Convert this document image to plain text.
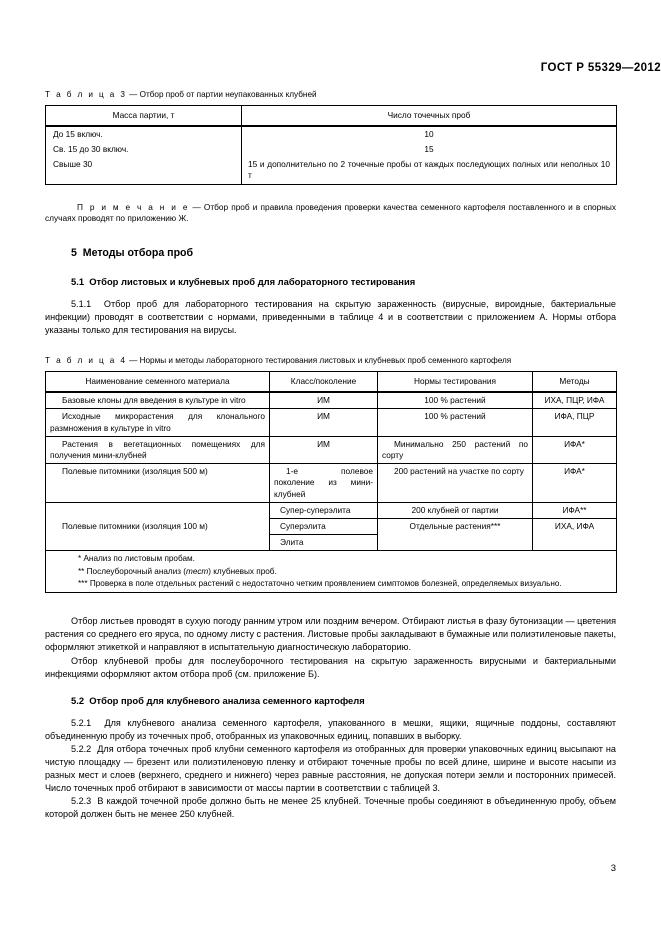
ГОСТ Р 55329—2012
Т а б л и ц а 3 — Отбор проб от партии неупакованных клубней
Масса партии, т	Число точечных проб
До 15 включ.	10
Св. 15 до 30 включ.	15
Свыше 30	15 и дополнительно по 2 точечные пробы от каждых последующих полных или неполных 10 т

П р и м е ч а н и е — Отбор проб и правила проведения проверки качества семенного картофеля поставленного и в спорных случаях проводят по приложению Ж.

5 Методы отбора проб
5.1 Отбор листовых и клубневых проб для лабораторного тестирования

5.1.1 Отбор проб для лабораторного тестирования на скрытую зараженность (вирусные, вироидные, бактериальные инфекции) проводят в соответствии с нормами, приведенными в таблице 4 и в соответствии с приложением А. Нормы отбора указаны только для тестирования на вирусы.

Т а б л и ц а 4 — Нормы и методы лабораторного тестирования листовых и клубневых проб семенного картофеля
Наименование семенного материала	Класс/поколение	Нормы тестирования	Методы
Базовые клоны для введения в культуре in vitro	ИМ	100 % растений	ИХА, ПЦР, ИФА
Исходные микрорастения для клонального размножения в культуре in vitro	ИМ	100 % растений	ИФА, ПЦР
Растения в вегетационных помещениях для получения мини-клубней	ИМ	Минимально 250 растений по сорту	ИФА*
Полевые питомники (изоляция 500 м)	1-е полевое поколение из мини-клубней	200 растений на участке по сорту	ИФА*
Полевые питомники (изоляция 100 м)	Супер-суперэлита	200 клубней от партии	ИФА**
	Суперэлита	Отдельные растения***	ИХА, ИФА
	Элита		

* Анализ по листовым пробам.

** Послеуборочный анализ (тест) клубневых проб.

*** Проверка в поле отдельных растений с недостаточно четким проявлением симптомов болезней, определяемых визуально.			

Отбор листьев проводят в сухую погоду ранним утром или поздним вечером. Отбирают листья в фазу бутонизации — цветения растения со среднего его яруса, по одному листу с растения. Листовые пробы закладывают в бумажные или полиэтиленовые пакеты, оформляют этикеткой и направляют в испытательную диагностическую лабораторию.

Отбор клубневой пробы для послеуборочного тестирования на скрытую зараженность вирусными и бактериальными инфекциями оформляют актом отбора проб (см. приложение Б).

5.2 Отбор проб для клубневого анализа семенного картофеля

5.2.1 Для клубневого анализа семенного картофеля, упакованного в мешки, ящики, ящичные поддоны, составляют объединенную пробу из точечных проб, отобранных из упаковочных единиц, попавших в выборку.

5.2.2 Для отбора точечных проб клубни семенного картофеля из отобранных для проверки упаковочных единиц высыпают на чистую площадку — брезент или полиэтиленовую пленку и отбирают точечные пробы по всей длине, ширине и высоте насыпи из разных мест и слоев (верхнего, среднего и нижнего) через равные расстояния, не допуская потери земли и посторонних примесей. Число точечных проб отбирают в зависимости от массы партии в соответствии с таблицей 3.

5.2.3 В каждой точечной пробе должно быть не менее 25 клубней. Точечные пробы соединяют в объединенную пробу, объем которой должен быть не менее 250 клубней.

3
